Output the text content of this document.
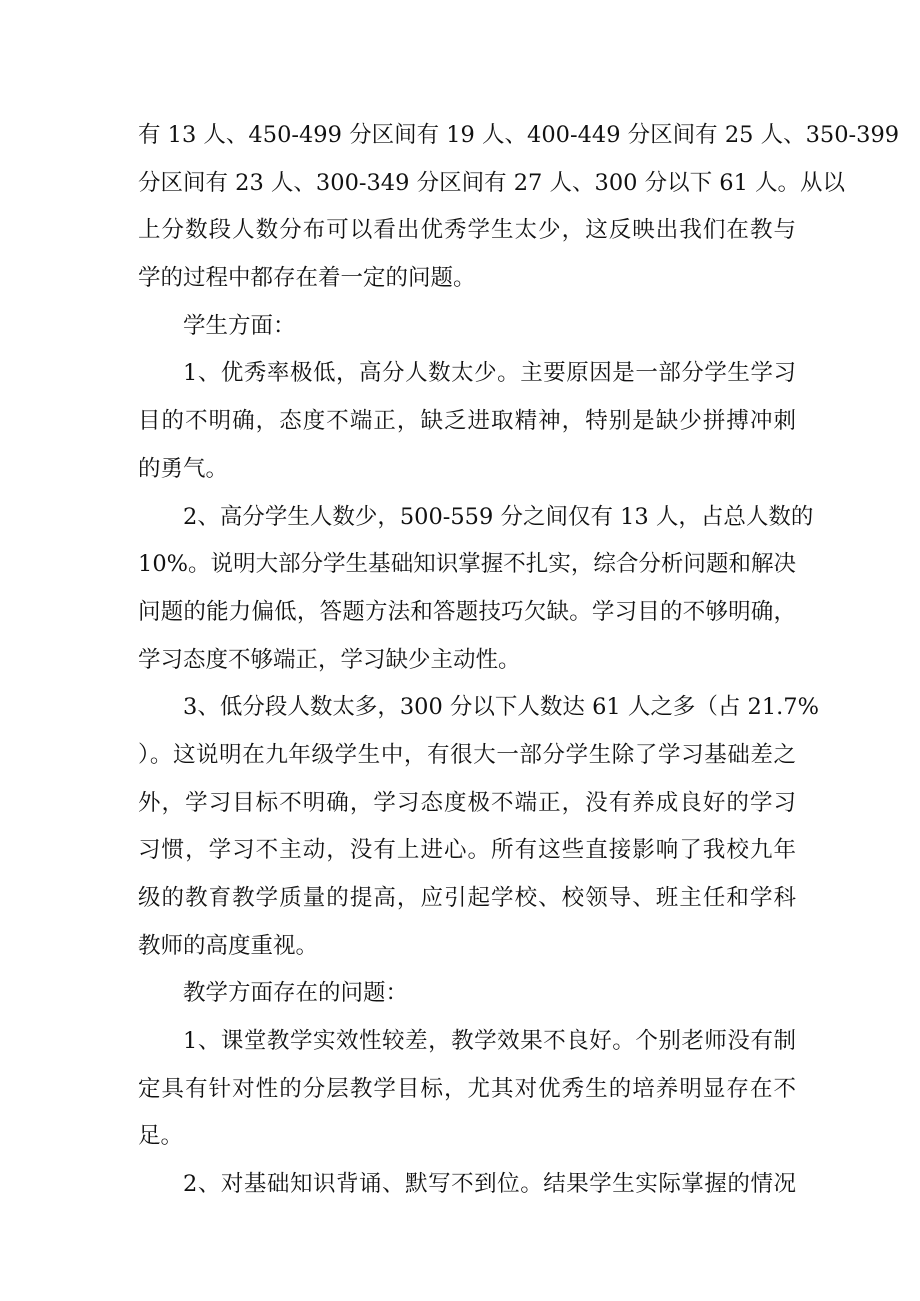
有 13 人、450-499 分区间有 19 人、400-449 分区间有 25 人、350-399
分区间有 23 人、300-349 分区间有 27 人、300 分以下 61 人。从以
上分数段人数分布可以看出优秀学生太少，这反映出我们在教与
学的过程中都存在着一定的问题。
学生方面：
1、优秀率极低，高分人数太少。主要原因是一部分学生学习
目的不明确，态度不端正，缺乏进取精神，特别是缺少拼搏冲刺
的勇气。
2、高分学生人数少，500-559 分之间仅有 13 人，占总人数的
10%。说明大部分学生基础知识掌握不扎实，综合分析问题和解决
问题的能力偏低，答题方法和答题技巧欠缺。学习目的不够明确，
学习态度不够端正，学习缺少主动性。
3、低分段人数太多，300 分以下人数达 61 人之多（占 21.7%
）。这说明在九年级学生中，有很大一部分学生除了学习基础差之
外，学习目标不明确，学习态度极不端正，没有养成良好的学习
习惯，学习不主动，没有上进心。所有这些直接影响了我校九年
级的教育教学质量的提高，应引起学校、校领导、班主任和学科
教师的高度重视。
教学方面存在的问题：
1、课堂教学实效性较差，教学效果不良好。个别老师没有制
定具有针对性的分层教学目标，尤其对优秀生的培养明显存在不
足。
2、对基础知识背诵、默写不到位。结果学生实际掌握的情况
